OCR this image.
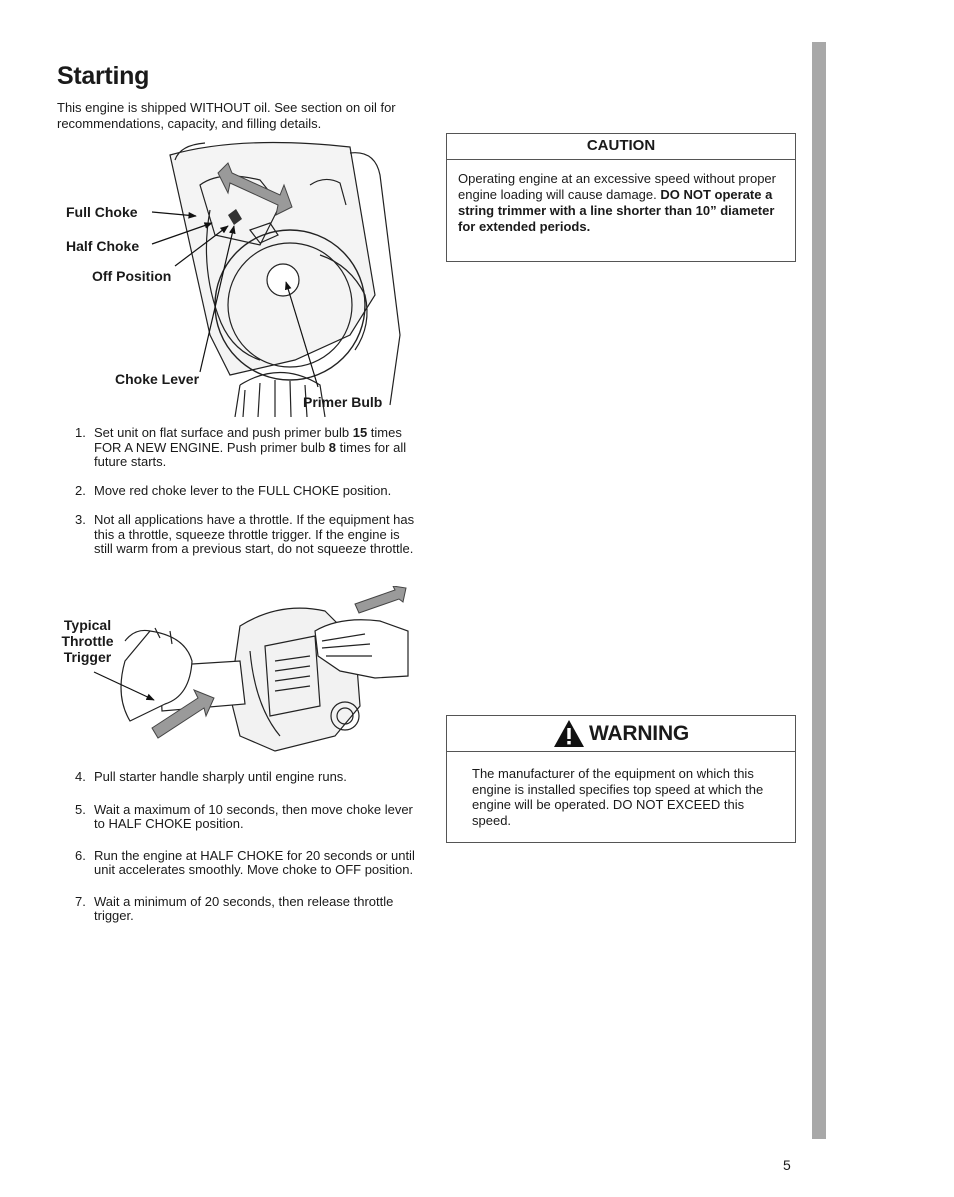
Starting

This engine is shipped WITHOUT oil. See section on oil for recommendations, capacity, and filling details.

Full Choke
Half Choke
Off Position
Choke Lever
Primer Bulb
1. Set unit on flat surface and push primer bulb 15 times FOR A NEW ENGINE. Push primer bulb 8 times for all future starts.
2. Move red choke lever to the FULL CHOKE position.
3. Not all applications have a throttle. If the equipment has this a throttle, squeeze throttle trigger. If the engine is still warm from a previous start, do not squeeze throttle.
Typical
Throttle
Trigger
4. Pull starter handle sharply until engine runs.
5. Wait a maximum of 10 seconds, then move choke lever to HALF CHOKE position.
6. Run the engine at HALF CHOKE for 20 seconds or until unit accelerates smoothly. Move choke to OFF position.
7. Wait a minimum of 20 seconds, then release throttle trigger.
CAUTION
Operating engine at an excessive speed without proper engine loading will cause damage. DO NOT operate a string trimmer with a line shorter than 10” diameter for extended periods.
WARNING
The manufacturer of the equipment on which this engine is installed specifies top speed at which the engine will be operated. DO NOT EXCEED this speed.
5
